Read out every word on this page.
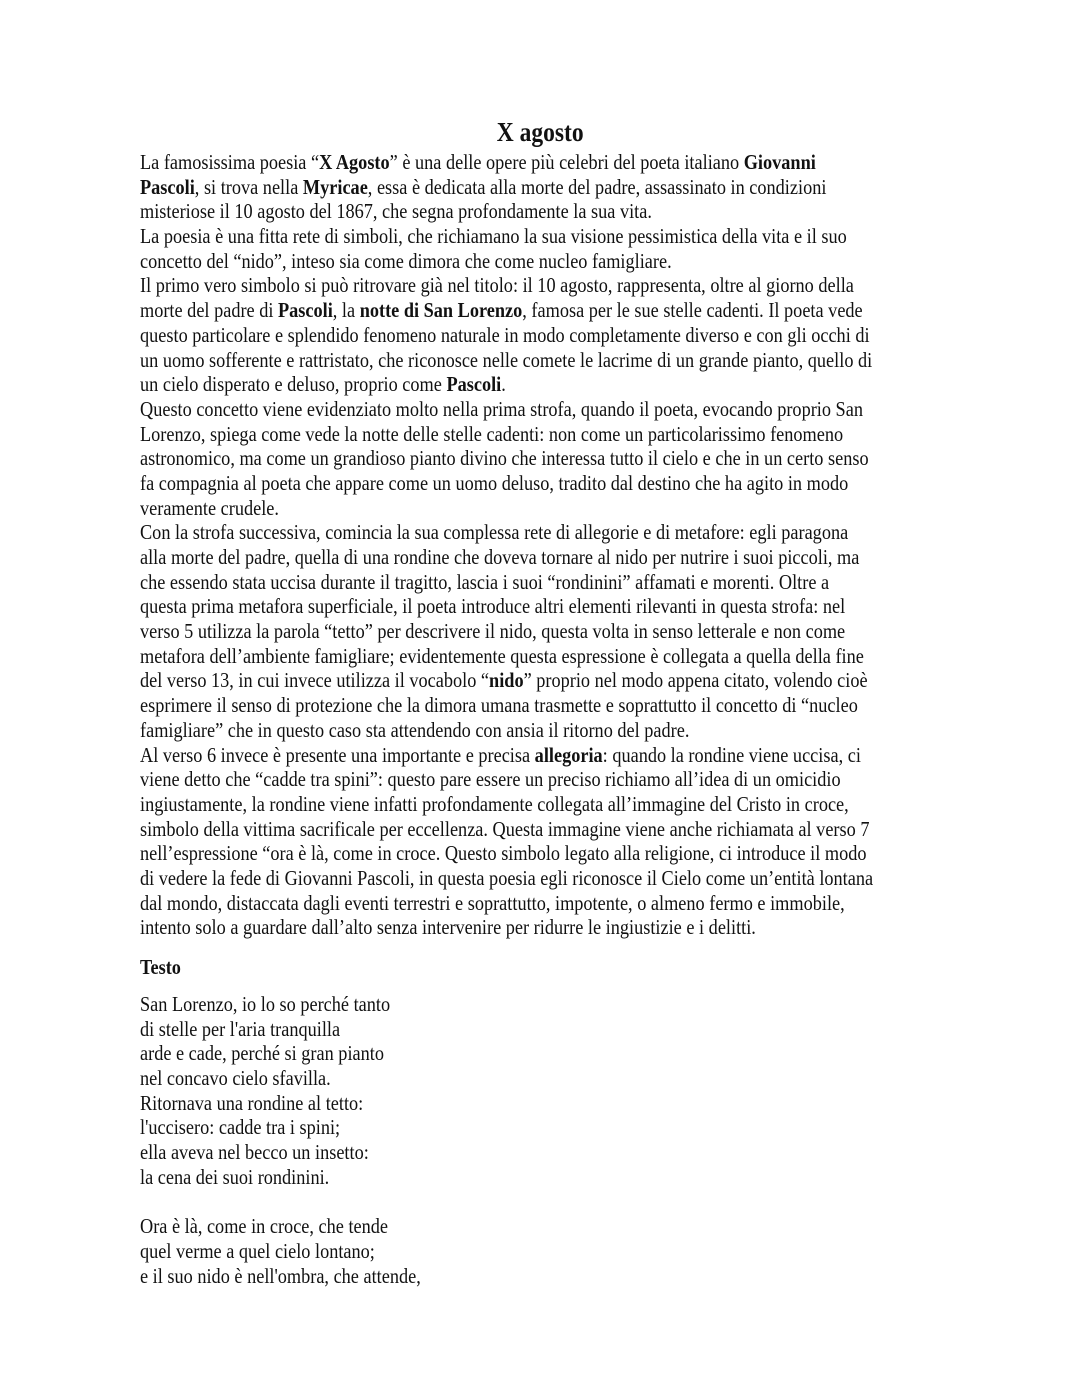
X agosto
La famosissima poesia “X Agosto” è una delle opere più celebri del poeta italiano Giovanni
Pascoli, si trova nella Myricae, essa è dedicata alla morte del padre, assassinato in condizioni
misteriose il 10 agosto del 1867, che segna profondamente la sua vita.
La poesia è una fitta rete di simboli, che richiamano la sua visione pessimistica della vita e il suo
concetto del “nido”, inteso sia come dimora che come nucleo famigliare.
Il primo vero simbolo si può ritrovare già nel titolo: il 10 agosto, rappresenta, oltre al giorno della
morte del padre di Pascoli, la notte di San Lorenzo, famosa per le sue stelle cadenti. Il poeta vede
questo particolare e splendido fenomeno naturale in modo completamente diverso e con gli occhi di
un uomo sofferente e rattristato, che riconosce nelle comete le lacrime di un grande pianto, quello di
un cielo disperato e deluso, proprio come Pascoli.
Questo concetto viene evidenziato molto nella prima strofa, quando il poeta, evocando proprio San
Lorenzo, spiega come vede la notte delle stelle cadenti: non come un particolarissimo fenomeno
astronomico, ma come un grandioso pianto divino che interessa tutto il cielo e che in un certo senso
fa compagnia al poeta che appare come un uomo deluso, tradito dal destino che ha agito in modo
veramente crudele.
Con la strofa successiva, comincia la sua complessa rete di allegorie e di metafore: egli paragona
alla morte del padre, quella di una rondine che doveva tornare al nido per nutrire i suoi piccoli, ma
che essendo stata uccisa durante il tragitto, lascia i suoi “rondinini” affamati e morenti. Oltre a
questa prima metafora superficiale, il poeta introduce altri elementi rilevanti in questa strofa: nel
verso 5 utilizza la parola “tetto” per descrivere il nido, questa volta in senso letterale e non come
metafora dell’ambiente famigliare; evidentemente questa espressione è collegata a quella della fine
del verso 13, in cui invece utilizza il vocabolo “nido” proprio nel modo appena citato, volendo cioè
esprimere il senso di protezione che la dimora umana trasmette e soprattutto il concetto di “nucleo
famigliare” che in questo caso sta attendendo con ansia il ritorno del padre.
Al verso 6 invece è presente una importante e precisa allegoria: quando la rondine viene uccisa, ci
viene detto che “cadde tra spini”: questo pare essere un preciso richiamo all’idea di un omicidio
ingiustamente, la rondine viene infatti profondamente collegata all’immagine del Cristo in croce,
simbolo della vittima sacrificale per eccellenza. Questa immagine viene anche richiamata al verso 7
nell’espressione “ora è là, come in croce. Questo simbolo legato alla religione, ci introduce il modo
di vedere la fede di Giovanni Pascoli, in questa poesia egli riconosce il Cielo come un’entità lontana
dal mondo, distaccata dagli eventi terrestri e soprattutto, impotente, o almeno fermo e immobile,
intento solo a guardare dall’alto senza intervenire per ridurre le ingiustizie e i delitti.
Testo
San Lorenzo, io lo so perché tanto
di stelle per l'aria tranquilla
arde e cade, perché si gran pianto
nel concavo cielo sfavilla.
Ritornava una rondine al tetto:
l'uccisero: cadde tra i spini;
ella aveva nel becco un insetto:
la cena dei suoi rondinini.
Ora è là, come in croce, che tende
quel verme a quel cielo lontano;
e il suo nido è nell'ombra, che attende,
